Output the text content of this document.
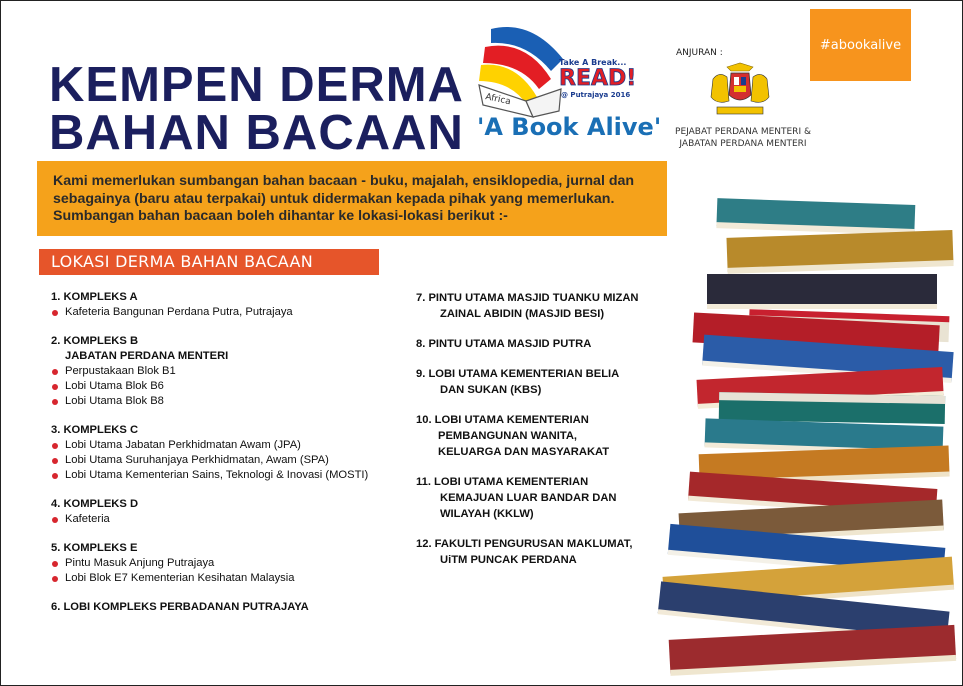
KEMPEN DERMA
BAHAN BACAAN
Africa
Take A Break...
READ!
@ Putrajaya 2016
'A Book Alive'
ANJURAN :
PEJABAT PERDANA MENTERI &
JABATAN PERDANA MENTERI
#abookalive

Kami memerlukan sumbangan bahan bacaan - buku, majalah, ensiklopedia, jurnal dan sebagainya (baru atau terpakai) untuk didermakan kepada pihak yang memerlukan. Sumbangan bahan bacaan boleh dihantar ke lokasi-lokasi berikut :-

LOKASI DERMA BAHAN BACAAN
1. KOMPLEKS A
Kafeteria Bangunan Perdana Putra, Putrajaya
2. KOMPLEKS B
JABATAN PERDANA MENTERI
Perpustakaan Blok B1
Lobi Utama Blok B6
Lobi Utama Blok B8
3. KOMPLEKS C
Lobi Utama Jabatan Perkhidmatan Awam (JPA)
Lobi Utama Suruhanjaya Perkhidmatan, Awam (SPA)
Lobi Utama Kementerian Sains, Teknologi & Inovasi (MOSTI)
4. KOMPLEKS D
Kafeteria
5. KOMPLEKS E
Pintu Masuk Anjung Putrajaya
Lobi Blok E7 Kementerian Kesihatan Malaysia
6. LOBI KOMPLEKS PERBADANAN PUTRAJAYA
7. PINTU UTAMA MASJID TUANKU MIZAN
ZAINAL ABIDIN (MASJID BESI)
8. PINTU UTAMA MASJID PUTRA
9. LOBI UTAMA KEMENTERIAN BELIA
DAN SUKAN (KBS)
10. LOBI UTAMA KEMENTERIAN
PEMBANGUNAN WANITA,
KELUARGA DAN MASYARAKAT
11. LOBI UTAMA KEMENTERIAN
KEMAJUAN LUAR BANDAR DAN
WILAYAH (KKLW)
12. FAKULTI PENGURUSAN MAKLUMAT,
UiTM PUNCAK PERDANA
